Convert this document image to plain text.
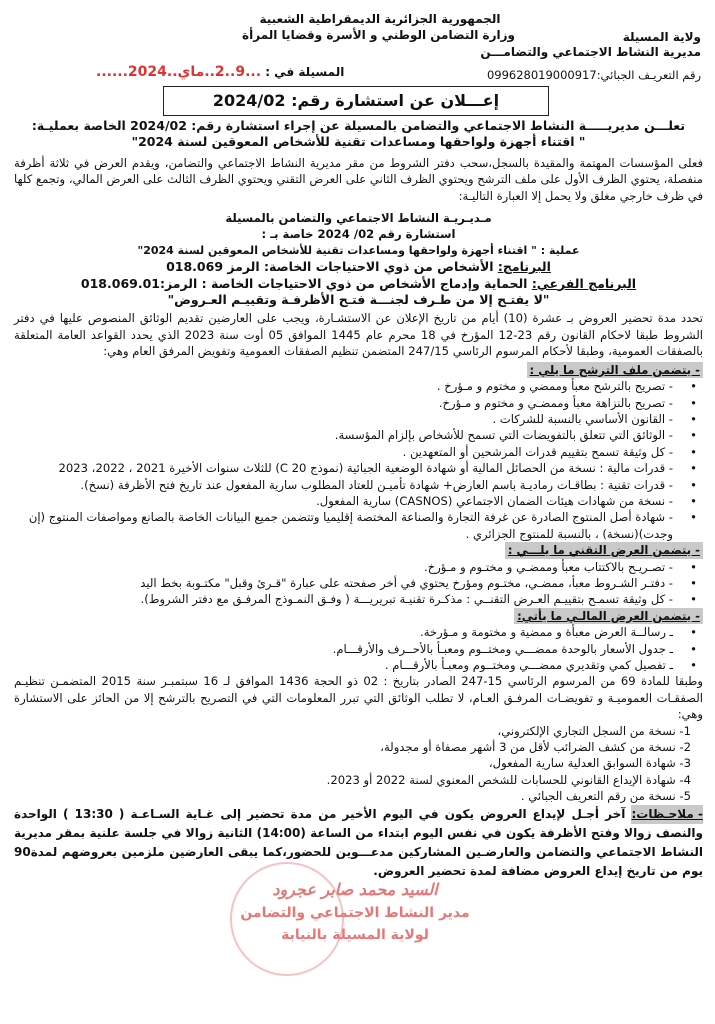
الجمهورية الجزائرية الديمقراطية الشعبية
وزارة التضامن الوطني و الأسرة وقضايا المرأة	ولاية المسيلة
مديرية النشاط الاجتماعي والتضامـــن
رقم التعريـف الجبائي:099628019000917
المسيلة في : ...9..2..ماي..2024......
إعـــلان عن استشارة رقم: 2024/02

تعلـــن مديريـــــة النشاط الاجتماعي والتضامن بالمسيلة عن إجراء استشارة رقم: 2024/02 الخاصة بعمليـة:

" اقتناء أجهزة ولواحقها ومساعدات تقنية للأشخاص المعوقين لسنة 2024"

فعلى المؤسسات المهتمة والمقيدة بالسجل،سحب دفتر الشروط من مقر مديرية النشاط الاجتماعي والتضامن، ويقدم العرض في ثلاثة أظرفة منفصلة، يحتوي الظرف الأول على ملف الترشح ويحتوي الظرف الثاني على العرض التقني ويحتوي الظرف الثالث على العرض المالي، وتجمع كلها في ظرف خارجي مغلق ولا يحمل إلا العبارة التاليـة:

مـديـريـة النشاط الاجتماعي والتضامن بالمسيلة

استشارة رقم 02/ 2024 خاصة بـ :

عملية : " اقتناء أجهزة ولواحقها ومساعدات تقنية للأشخاص المعوقين لسنة 2024"

البرنامج: الأشخاص من ذوي الاحتياجات الخاصة: الرمز 018.069

البرنامج الفرعي: الحماية وإدماج الأشخاص من ذوي الاحتياجات الخاصة : الرمز:018.069.01

"لا يفتـح إلا من طـرف لجنـــة فتـح الأظرفـة وتقييـم العـروض"

تحدد مدة تحضير العروض بـ عشرة (10) أيام من تاريخ الإعلان عن الاستشـارة، ويجب على العارضين تقديم الوثائق المنصوص عليها في دفتر الشروط طبقا لاحكام القانون رقم 23-12 المؤرخ في 18 محرم عام 1445 الموافق 05 أوت سنة 2023 الذي يحدد القواعد العامة المتعلقة بالصفقات العمومية، وطبقا لأحكام المرسوم الرئاسي 247/15 المتضمن تنظيم الصفقات العمومية وتفويض المرفق العام وهي:

- يتضمن ملف الترشح ما يلي :
• - تصريح بالترشح معبأ وممضي و مختوم و مـؤرخ .
• - تصريح بالنزاهة معبأ وممضـي و مختوم و مـؤرخ.
• - القانون الأساسي بالنسبة للشركات .
• - الوثائق التي تتعلق بالتفويضات التي تسمح للأشخاص بإلزام المؤسسة.
• - كل وثيقة تسمح بتقييم قدرات المرشحين أو المتعهدين .
• - قدرات مالية : نسخة من الحصائل المالية أو شهادة الوضعية الجبائية (نموذج 20 C) للثلاث سنوات الأخيرة 2021 ، 2022، 2023
• - قدرات تقنية : بطاقـات رماديـة باسم العارض+ شهادة تأميـن للعتاد المطلوب سارية المفعول عند تاريخ فتح الأظرفة (نسخ).
• - نسخة من شهادات هيئات الضمان الاجتماعي (CASNOS) سارية المفعول.
• - شهادة أصل المنتوج الصادرة عن غرفة التجارة والصناعة المختصة إقليميا وتتضمن جميع البيانات الخاصة بالصانع ومواصفات المنتوج (إن وجدت)(نسخة) ، بالنسبة للمنتوج الجزائري .
- يتضمن العرض التقني ما يلـــي :
• - تصـريـح بالاكتتاب معبأ وممضـي و مختـوم و مـؤرخ.
• - دفتـر الشـروط معبأ، ممضـي، مختـوم ومؤرخ يحتوي في أخر صفحته على عبارة "قـرئ وقبل" مكتـوبة بخط اليد
• - كل وثيقة تسمـح بتقييـم العـرض التقنــي : مذكـرة تقنيـة تبريريـــة ( وفـق النمـوذج المرفـق مع دفتر الشروط).
- يتضمن العرض المالـي ما يأتي:
• ـ رسالــة العرض معبأة و ممضية و مختومة و مـؤرخة.
• ـ جدول الأسعار بالوحدة ممضـــي ومختــوم ومعبـأ بالأحــرف والأرقـــام.
• ـ تفصيل كمي وتقديري ممضـــي ومختــوم ومعبـأ بالأرقـــام .

وطبقا للمادة 69 من المرسوم الرئاسي 15-247 الصادر بتاريخ : 02 ذو الحجة 1436 الموافق لـ 16 سبتمبـر سنة 2015 المتضمـن تنظيـم الصفقـات العموميـة و تفويضـات المرفـق العـام، لا تطلب الوثائق التي تبرر المعلومات التي في التصريح بالترشح إلا من الحائز على الاستشارة وهي:

1- نسخة من السجل التجاري الإلكتروني،
2- نسخة من كشف الضرائب لأقل من 3 أشهر مصفاة أو مجدولة،
3- شهادة السوابق العدلية سارية المفعول،
4- شهادة الإيداع القانوني للحسابات للشخص المعنوي لسنة 2022 أو 2023.
5- نسخة من رقم التعريف الجبائي .

- ملاحـظات: آخر أجـل لإيداع العروض يكون في اليوم الأخير من مدة تحضير إلى غـاية السـاعـة ( 13:30 ) الواحدة والنصف زوالا وفتح الأظرفة يكون في نفس اليوم ابتداء من الساعة (14:00) الثانية زوالا في جلسة علنية بمقر مديرية النشاط الاجتماعي والتضامن والعارضـين المشاركين مدعـــوين للحضور،كما يبقى العارضين ملزمين بعروضهم لمدة90 يوم من تاريخ إيداع العروض مضافة لمدة تحضير العروض.

السيد محمد صابر عجرود
مدير النشاط الاجتماعي والتضامن
لولاية المسيلة بالنيابة
